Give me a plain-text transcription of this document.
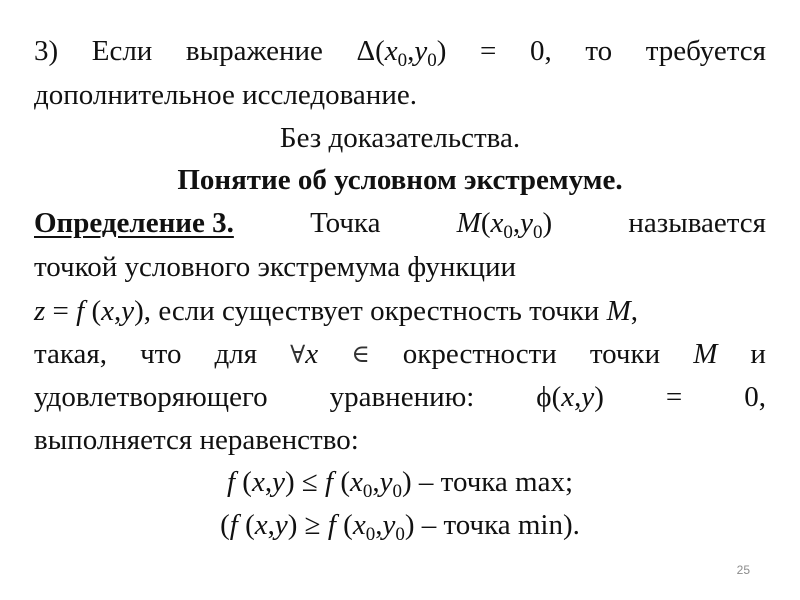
3) Если выражение $\Delta(x_0,y_0) = 0$, то требуется
дополнительное исследование.
Без доказательства.
Понятие об условном экстремуме.
Определение 3.	Точка	$M(x_0,y_0)$	называется
точкой условного экстремума функции
z = f (x,y), если существует окрестность точки M,
такая, что для ∀x ∈ окрестности точки M и
удовлетворяющего уравнению: ϕ(x,y) = 0,
выполняется неравенство:
f (x,y) ≤ f $(x_0,y_0)$ – точка max;
(f (x,y) ≥ f $(x_0,y_0)$ – точка min).
25
